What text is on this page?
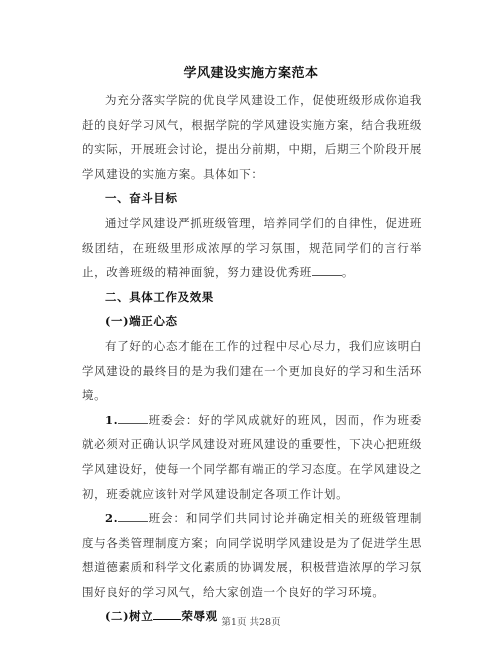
学风建设实施方案范本

为充分落实学院的优良学风建设工作，促使班级形成你追我赶的良好学习风气，根据学院的学风建设实施方案，结合我班级的实际，开展班会讨论，提出分前期，中期，后期三个阶段开展学风建设的实施方案。具体如下：

一、奋斗目标

通过学风建设严抓班级管理，培养同学们的自律性，促进班级团结，在班级里形成浓厚的学习氛围，规范同学们的言行举止，改善班级的精神面貌，努力建设优秀班	。

二、具体工作及效果
(一)端正心态

有了好的心态才能在工作的过程中尽心尽力，我们应该明白学风建设的最终目的是为我们建在一个更加良好的学习和生活环境。

1.	班委会：好的学风成就好的班风，因而，作为班委就必须对正确认识学风建设对班风建设的重要性，下决心把班级学风建设好，使每一个同学都有端正的学习态度。在学风建设之初，班委就应该针对学风建设制定各项工作计划。

2.	班会：和同学们共同讨论并确定相关的班级管理制度与各类管理制度方案；向同学说明学风建设是为了促进学生思想道德素质和科学文化素质的协调发展，积极营造浓厚的学习氛围好良好的学习风气，给大家创造一个良好的学习环境。

(二)树立 荣辱观 第1页 共28页
